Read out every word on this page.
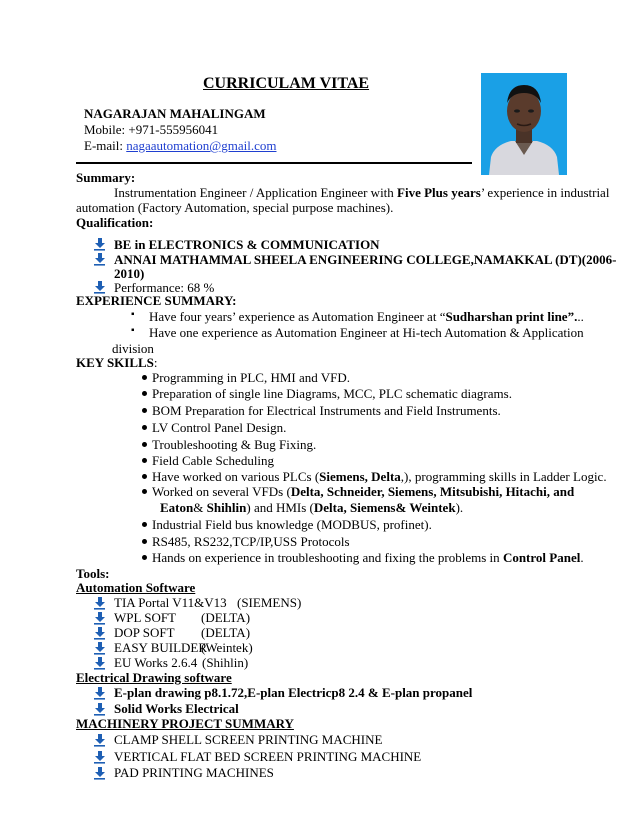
CURRICULAM VITAE
NAGARAJAN MAHALINGAM
Mobile: +971-555956041
E-mail: nagaautomation@gmail.com
Summary:
Instrumentation Engineer / Application Engineer with Five Plus years’ experience in industrial
automation (Factory Automation, special purpose machines).
Qualification:
BE in ELECTRONICS & COMMUNICATION
ANNAI MATHAMMAL SHEELA ENGINEERING COLLEGE,NAMAKKAL (DT)(2006-
2010)
Performance: 68 %
EXPERIENCE SUMMARY:
▪ Have four years’ experience as Automation Engineer at “Sudharshan print line”...
▪ Have one experience as Automation Engineer at Hi-tech Automation & Application
division
KEY SKILLS:
Programming in PLC, HMI and VFD.
Preparation of single line Diagrams, MCC, PLC schematic diagrams.
BOM Preparation for Electrical Instruments and Field Instruments.
LV Control Panel Design.
Troubleshooting & Bug Fixing.
Field Cable Scheduling
Have worked on various PLCs (Siemens, Delta,), programming skills in Ladder Logic.
Worked on several VFDs (Delta, Schneider, Siemens, Mitsubishi, Hitachi, and
Eaton& Shihlin) and HMIs (Delta, Siemens& Weintek).
Industrial Field bus knowledge (MODBUS, profinet).
RS485, RS232,TCP/IP,USS Protocols
Hands on experience in troubleshooting and fixing the problems in Control Panel.
Tools:
Automation Software
TIA Portal V11&V13 (SIEMENS)
WPL SOFT (DELTA)
DOP SOFT (DELTA)
EASY BUILDER
(Weintek)
EU Works 2.6.4 (Shihlin)
Electrical Drawing software
E-plan drawing p8.1.72,E-plan Electricp8 2.4 & E-plan propanel
Solid Works Electrical
MACHINERY PROJECT SUMMARY
CLAMP SHELL SCREEN PRINTING MACHINE
VERTICAL FLAT BED SCREEN PRINTING MACHINE
PAD PRINTING MACHINES
